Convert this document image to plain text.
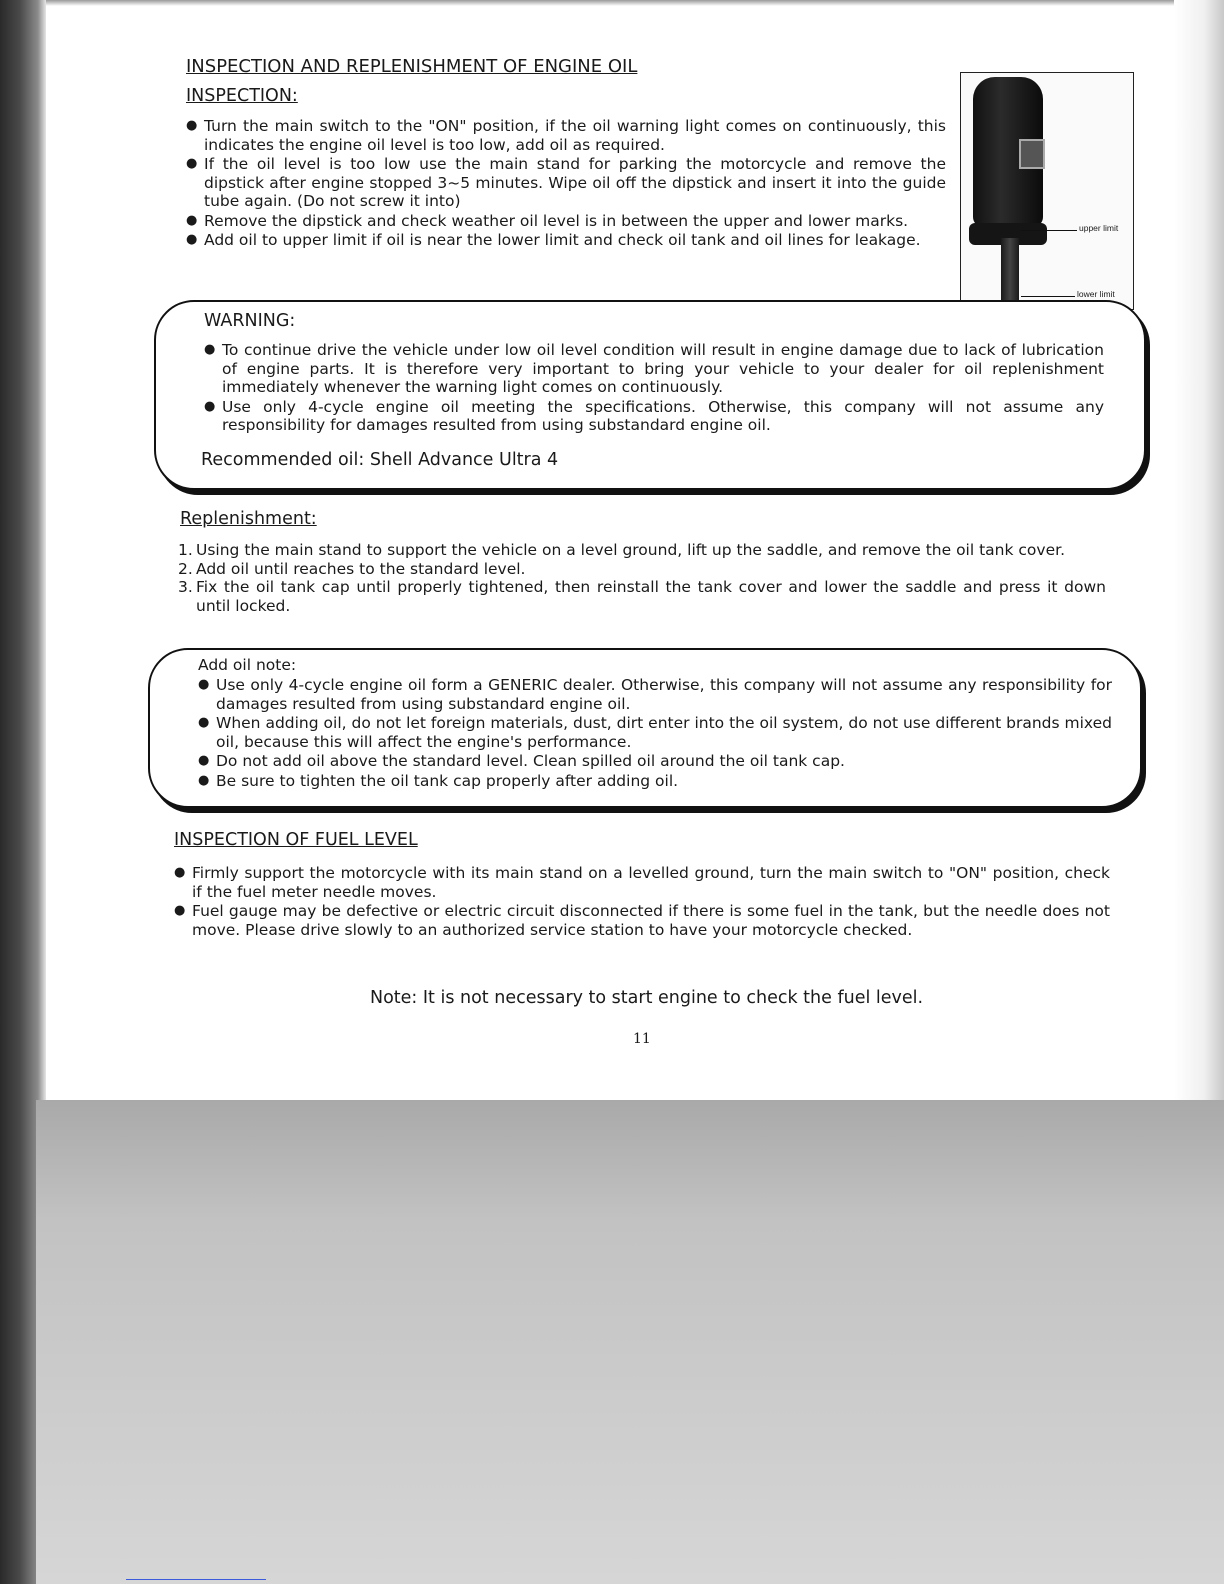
INSPECTION AND REPLENISHMENT OF ENGINE OIL
INSPECTION:
● Turn the main switch to the "ON" position, if the oil warning light comes on continuously, this indicates the engine oil level is too low, add oil as required.
● If the oil level is too low use the main stand for parking the motorcycle and remove the dipstick after engine stopped 3~5 minutes. Wipe oil off the dipstick and insert it into the guide tube again. (Do not screw it into)
● Remove the dipstick and check weather oil level is in between the upper and lower marks.
● Add oil to upper limit if oil is near the lower limit and check oil tank and oil lines for leakage.
upper limit
lower limit
WARNING:
● To continue drive the vehicle under low oil level condition will result in engine damage due to lack of lubrication of engine parts. It is therefore very important to bring your vehicle to your dealer for oil replenishment immediately whenever the warning light comes on continuously.
● Use only 4-cycle engine oil meeting the specifications. Otherwise, this company will not assume any responsibility for damages resulted from using substandard engine oil.
Recommended oil: Shell Advance Ultra 4
Replenishment:
1. Using the main stand to support the vehicle on a level ground, lift up the saddle, and remove the oil tank cover.
2. Add oil until reaches to the standard level.
3. Fix the oil tank cap until properly tightened, then reinstall the tank cover and lower the saddle and press it down until locked.
Add oil note:
● Use only 4-cycle engine oil form a GENERIC dealer. Otherwise, this company will not assume any responsibility for damages resulted from using substandard engine oil.
● When adding oil, do not let foreign materials, dust, dirt enter into the oil system, do not use different brands mixed oil, because this will affect the engine's performance.
● Do not add oil above the standard level. Clean spilled oil around the oil tank cap.
● Be sure to tighten the oil tank cap properly after adding oil.
INSPECTION OF FUEL LEVEL
● Firmly support the motorcycle with its main stand on a levelled ground, turn the main switch to "ON" position, check if the fuel meter needle moves.
● Fuel gauge may be defective or electric circuit disconnected if there is some fuel in the tank, but the needle does not move. Please drive slowly to an authorized service station to have your motorcycle checked.
Note: It is not necessary to start engine to check the fuel level.
11
